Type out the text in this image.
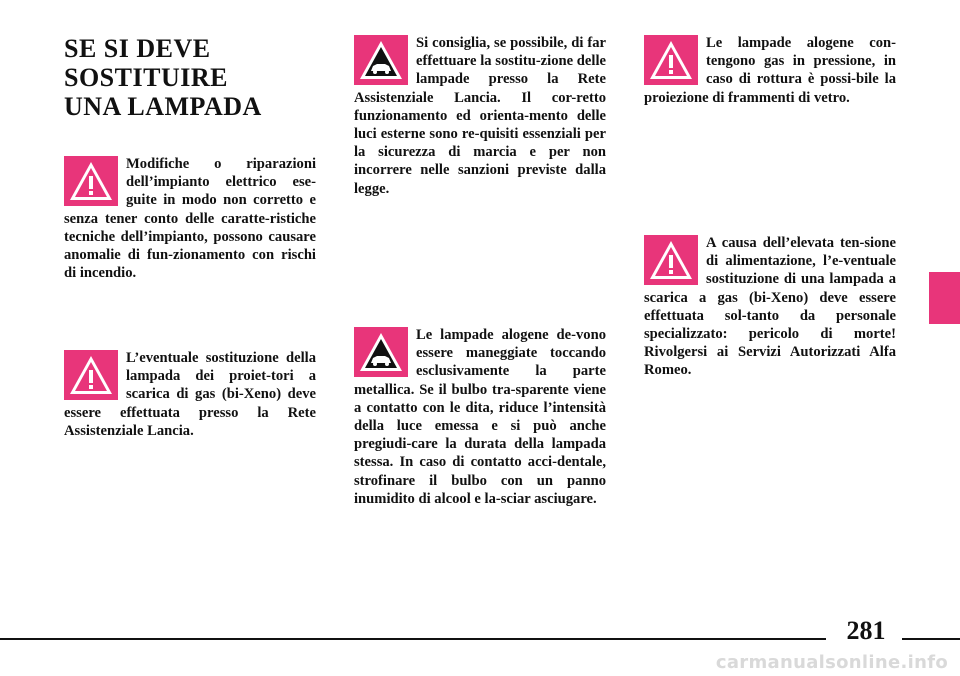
SE SI DEVE
SOSTITUIRE
UNA LAMPADA

Modifiche o riparazioni dell’impianto elettrico ese-guite in modo non corretto e senza tener conto delle caratte-ristiche tecniche dell’impianto, possono causare anomalie di fun-zionamento con rischi di incendio.

L’eventuale sostituzione della lampada dei proiet-tori a scarica di gas (bi-Xeno) deve essere effettuata presso la Rete Assistenziale Lancia.

Si consiglia, se possibile, di far effettuare la sostitu-zione delle lampade presso la Rete Assistenziale Lancia. Il cor-retto funzionamento ed orienta-mento delle luci esterne sono re-quisiti essenziali per la sicurezza di marcia e per non incorrere nelle sanzioni previste dalla legge.

Le lampade alogene de-vono essere maneggiate toccando esclusivamente la parte metallica. Se il bulbo tra-sparente viene a contatto con le dita, riduce l’intensità della luce emessa e si può anche pregiudi-care la durata della lampada stessa. In caso di contatto acci-dentale, strofinare il bulbo con un panno inumidito di alcool e la-sciar asciugare.

Le lampade alogene con-tengono gas in pressione, in caso di rottura è possi-bile la proiezione di frammenti di vetro.

A causa dell’elevata ten-sione di alimentazione, l’e-ventuale sostituzione di una lampada a scarica a gas (bi-Xeno) deve essere effettuata sol-tanto da personale specializzato: pericolo di morte! Rivolgersi ai Servizi Autorizzati Alfa Romeo.

281
carmanualsonline.info
